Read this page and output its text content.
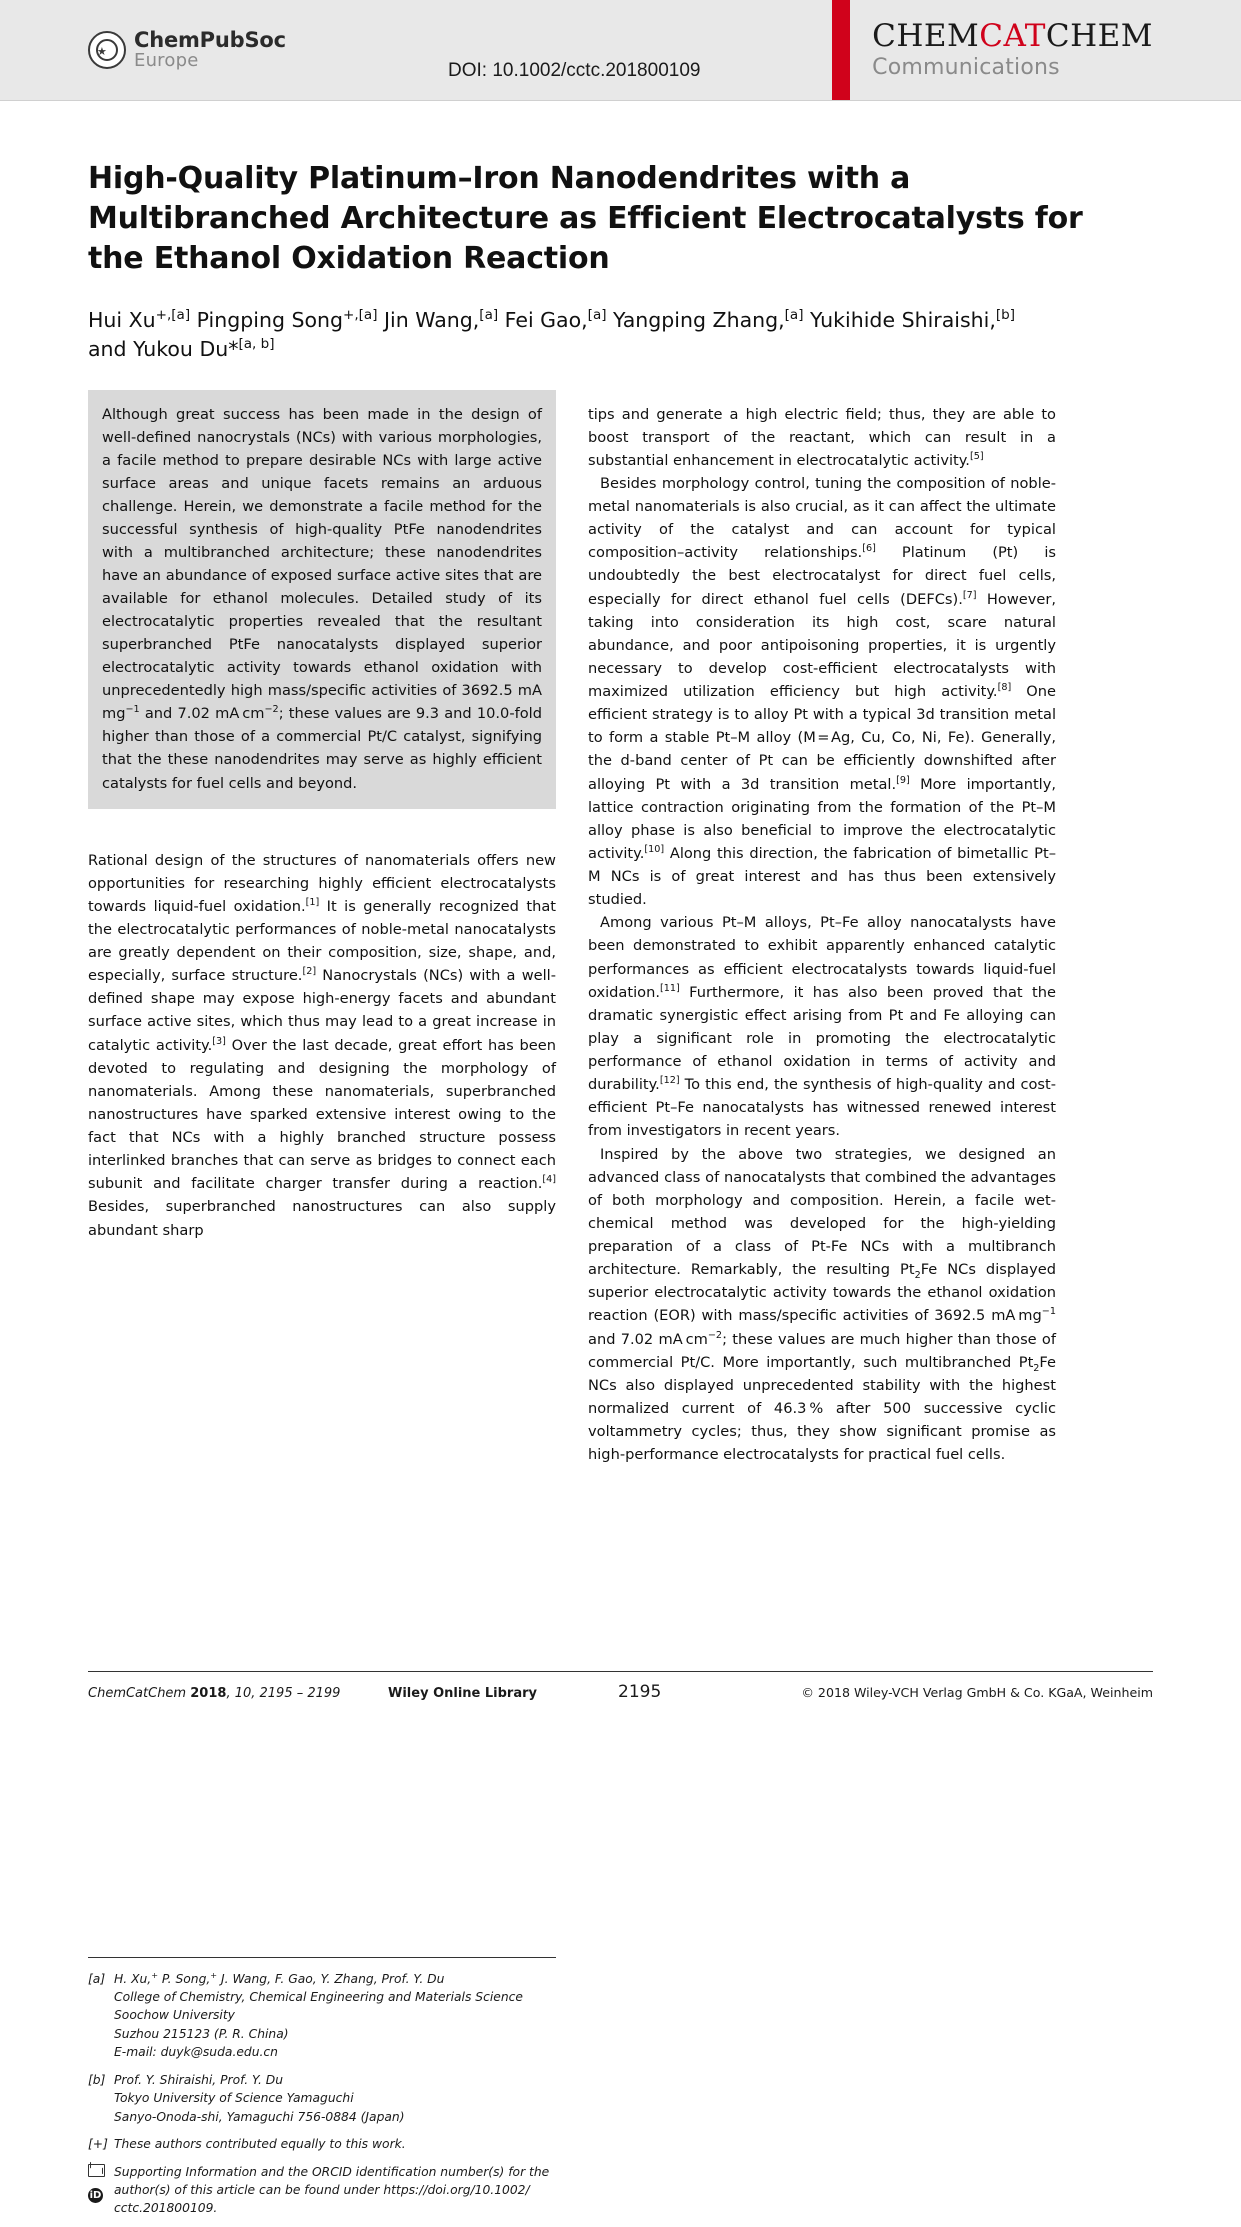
★
ChemPubSoc
Europe	DOI: 10.1002/cctc.201800109
CHEMCATCHEM
Communications
High-Quality Platinum–Iron Nanodendrites with a
Multibranched Architecture as Efficient Electrocatalysts for
the Ethanol Oxidation Reaction
Hui $Xu^{+,[a]}$ Pingping Song$^{+,[a]}$ Jin Wang,[a] Fei Gao,[a] Yangping Zhang,[a] Yukihide Shiraishi,[b]
and Yukou Du*[a, b]
Although great success has been made in the design of well-defined nanocrystals (NCs) with various morphologies, a facile method to prepare desirable NCs with large active surface areas and unique facets remains an arduous challenge. Herein, we demonstrate a facile method for the successful synthesis of high-quality PtFe nanodendrites with a multibranched architecture; these nanodendrites have an abundance of exposed surface active sites that are available for ethanol molecules. Detailed study of its electrocatalytic properties revealed that the resultant superbranched PtFe nanocatalysts displayed superior electrocatalytic activity towards ethanol oxidation with unprecedentedly high mass/specific activities of 3692.5 mA $mg^{-1}$ and 7.02 mA $cm^{-2}$; these values are 9.3 and 10.0-fold higher than those of a commercial Pt/C catalyst, signifying that the these nanodendrites may serve as highly efficient catalysts for fuel cells and beyond.

Rational design of the structures of nanomaterials offers new opportunities for researching highly efficient electrocatalysts towards liquid-fuel oxidation.[1] It is generally recognized that the electrocatalytic performances of noble-metal nanocatalysts are greatly dependent on their composition, size, shape, and, especially, surface structure.[2] Nanocrystals (NCs) with a well-defined shape may expose high-energy facets and abundant surface active sites, which thus may lead to a great increase in catalytic activity.[3] Over the last decade, great effort has been devoted to regulating and designing the morphology of nanomaterials. Among these nanomaterials, superbranched nanostructures have sparked extensive interest owing to the fact that NCs with a highly branched structure possess interlinked branches that can serve as bridges to connect each subunit and facilitate charger transfer during a reaction.[4] Besides, superbranched nanostructures can also supply abundant sharp

tips and generate a high electric field; thus, they are able to boost transport of the reactant, which can result in a substantial enhancement in electrocatalytic activity.[5]

Besides morphology control, tuning the composition of noble-metal nanomaterials is also crucial, as it can affect the ultimate activity of the catalyst and can account for typical composition–activity relationships.[6] Platinum (Pt) is undoubtedly the best electrocatalyst for direct fuel cells, especially for direct ethanol fuel cells (DEFCs).[7] However, taking into consideration its high cost, scare natural abundance, and poor antipoisoning properties, it is urgently necessary to develop cost-efficient electrocatalysts with maximized utilization efficiency but high activity.[8] One efficient strategy is to alloy Pt with a typical 3d transition metal to form a stable Pt–M alloy (M = Ag, Cu, Co, Ni, Fe). Generally, the d-band center of Pt can be efficiently downshifted after alloying Pt with a 3d transition metal.[9] More importantly, lattice contraction originating from the formation of the Pt–M alloy phase is also beneficial to improve the electrocatalytic activity.[10] Along this direction, the fabrication of bimetallic Pt–M NCs is of great interest and has thus been extensively studied.

Among various Pt–M alloys, Pt–Fe alloy nanocatalysts have been demonstrated to exhibit apparently enhanced catalytic performances as efficient electrocatalysts towards liquid-fuel oxidation.[11] Furthermore, it has also been proved that the dramatic synergistic effect arising from Pt and Fe alloying can play a significant role in promoting the electrocatalytic performance of ethanol oxidation in terms of activity and durability.[12] To this end, the synthesis of high-quality and cost-efficient Pt–Fe nanocatalysts has witnessed renewed interest from investigators in recent years.

Inspired by the above two strategies, we designed an advanced class of nanocatalysts that combined the advantages of both morphology and composition. Herein, a facile wet-chemical method was developed for the high-yielding preparation of a class of Pt-Fe NCs with a multibranch architecture. Remarkably, the resulting $Pt_2Fe$ NCs displayed superior electrocatalytic activity towards the ethanol oxidation reaction (EOR) with mass/specific activities of 3692.5 mA $mg^{-1}$ and 7.02 mA $cm^{-2}$; these values are much higher than those of commercial Pt/C. More importantly, such multibranched $Pt_2Fe$ NCs also displayed unprecedented stability with the highest normalized current of 46.3 % after 500 successive cyclic voltammetry cycles; thus, they show significant promise as high-performance electrocatalysts for practical fuel cells.

[a] H. Xu,+ P. Song,+ J. Wang, F. Gao, Y. Zhang, Prof. Y. Du
College of Chemistry, Chemical Engineering and Materials Science
Soochow University
Suzhou 215123 (P. R. China)
E-mail: duyk@suda.edu.cn
[b] Prof. Y. Shiraishi, Prof. Y. Du
Tokyo University of Science Yamaguchi
Sanyo-Onoda-shi, Yamaguchi 756-0884 (Japan)
[+] These authors contributed equally to this work.

iD
Supporting Information and the ORCID identification number(s) for the
author(s) of this article can be found under https://doi.org/10.1002/
cctc.201800109.
ChemCatChem 2018, 10, 2195 – 2199	Wiley Online Library	2195	© 2018 Wiley-VCH Verlag GmbH & Co. KGaA, Weinheim
